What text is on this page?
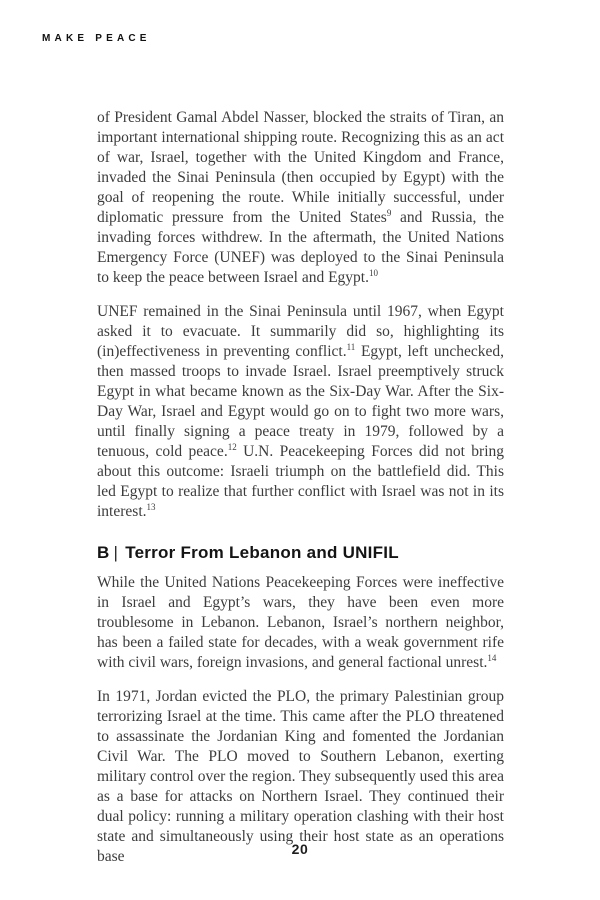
MAKE PEACE

of President Gamal Abdel Nasser, blocked the straits of Tiran, an important international shipping route. Recognizing this as an act of war, Israel, together with the United Kingdom and France, invaded the Sinai Peninsula (then occupied by Egypt) with the goal of reopening the route. While initially successful, under diplomatic pressure from the United States$^9$ and Russia, the invading forces withdrew. In the aftermath, the United Nations Emergency Force (UNEF) was deployed to the Sinai Peninsula to keep the peace between Israel and Egypt.$^{10}$

UNEF remained in the Sinai Peninsula until 1967, when Egypt asked it to evacuate. It summarily did so, highlighting its (in)effectiveness in preventing conflict.$^{11}$ Egypt, left unchecked, then massed troops to invade Israel. Israel preemptively struck Egypt in what became known as the Six-Day War. After the Six-Day War, Israel and Egypt would go on to fight two more wars, until finally signing a peace treaty in 1979, followed by a tenuous, cold peace.$^{12}$ U.N. Peacekeeping Forces did not bring about this outcome: Israeli triumph on the battlefield did. This led Egypt to realize that further conflict with Israel was not in its interest.$^{13}$

B | Terror From Lebanon and UNIFIL

While the United Nations Peacekeeping Forces were ineffective in Israel and Egypt’s wars, they have been even more troublesome in Lebanon. Lebanon, Israel’s northern neighbor, has been a failed state for decades, with a weak government rife with civil wars, foreign invasions, and general factional unrest.$^{14}$

In 1971, Jordan evicted the PLO, the primary Palestinian group terrorizing Israel at the time. This came after the PLO threatened to assassinate the Jordanian King and fomented the Jordanian Civil War. The PLO moved to Southern Lebanon, exerting military control over the region. They subsequently used this area as a base for attacks on Northern Israel. They continued their dual policy: running a military operation clashing with their host state and simultaneously using their host state as an operations base	20
